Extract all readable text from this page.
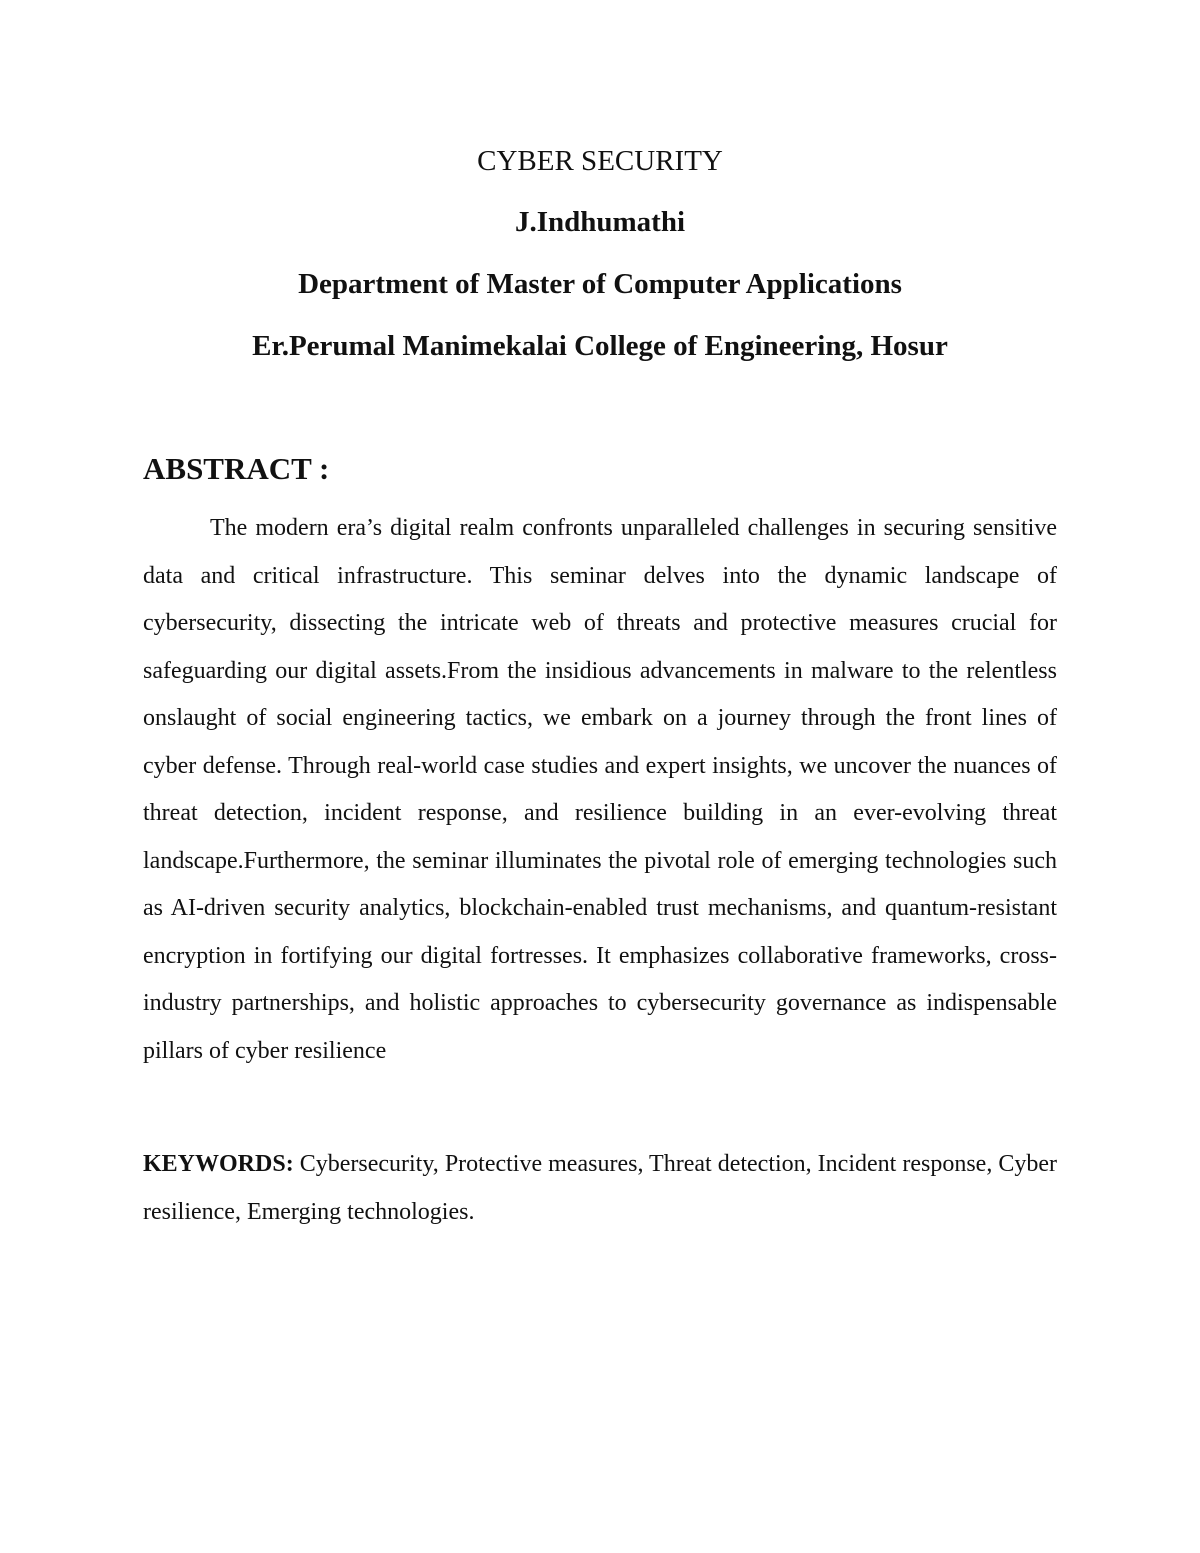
CYBER SECURITY
J.Indhumathi
Department of Master of Computer Applications
Er.Perumal Manimekalai College of Engineering, Hosur
ABSTRACT :

The modern era’s digital realm confronts unparalleled challenges in securing sensitive data and critical infrastructure. This seminar delves into the dynamic landscape of cybersecurity, dissecting the intricate web of threats and protective measures crucial for safeguarding our digital assets.From the insidious advancements in malware to the relentless onslaught of social engineering tactics, we embark on a journey through the front lines of cyber defense. Through real-world case studies and expert insights, we uncover the nuances of threat detection, incident response, and resilience building in an ever-evolving threat landscape.Furthermore, the seminar illuminates the pivotal role of emerging technologies such as AI-driven security analytics, blockchain-enabled trust mechanisms, and quantum-resistant encryption in fortifying our digital fortresses. It emphasizes collaborative frameworks, cross-industry partnerships, and holistic approaches to cybersecurity governance as indispensable pillars of cyber resilience

KEYWORDS: Cybersecurity, Protective measures, Threat detection, Incident response, Cyber resilience, Emerging technologies.
